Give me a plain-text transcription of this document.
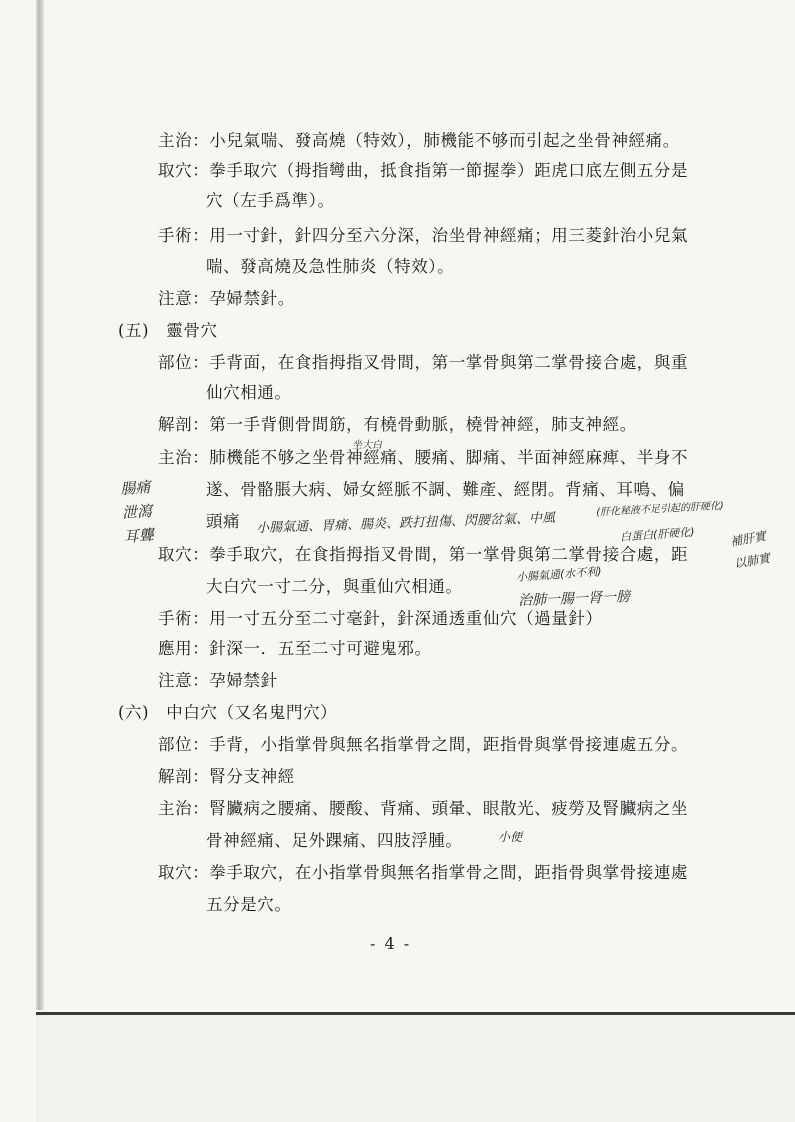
主治：小兒氣喘、發高燒（特效），肺機能不够而引起之坐骨神經痛。
取穴：拳手取穴（拇指彎曲，抵食指第一節握拳）距虎口底左側五分是
穴（左手爲準）。
手術：用一寸針，針四分至六分深，治坐骨神經痛；用三菱針治小兒氣
喘、發高燒及急性肺炎（特效）。
注意：孕婦禁針。
(五)　靈骨穴
部位：手背面，在食指拇指叉骨間，第一掌骨與第二掌骨接合處，與重
仙穴相通。
解剖：第一手背側骨間筋，有橈骨動脈，橈骨神經，肺支神經。
主治：肺機能不够之坐骨神經痛、腰痛、脚痛、半面神經麻痺、半身不
遂、骨骼脹大病、婦女經脈不調、難產、經閉。背痛、耳鳴、偏
頭痛
取穴：拳手取穴，在食指拇指叉骨間，第一掌骨與第二掌骨接合處，距
大白穴一寸二分，與重仙穴相通。
手術：用一寸五分至二寸毫針，針深通透重仙穴（過量針）
應用：針深一．五至二寸可避鬼邪。
注意：孕婦禁針
(六)　中白穴（又名鬼門穴）
部位：手背，小指掌骨與無名指掌骨之間，距指骨與掌骨接連處五分。
解剖：腎分支神經
主治：腎臟病之腰痛、腰酸、背痛、頭暈、眼散光、疲勞及腎臟病之坐
骨神經痛、足外踝痛、四肢浮腫。
取穴：拳手取穴，在小指掌骨與無名指掌骨之間，距指骨與掌骨接連處
五分是穴。
坐大白
腸痛
泄瀉
耳聾	小腸氣通、胃痛、腸炎、跌打扭傷、閃腰岔氣、中風
(肝化秘液不足引起的肝硬化)
白蛋白(肝硬化)	補肝實
以肺實
小腸氣通(水不利)
治肺一腸一肾一膀
小便
- 4 -
